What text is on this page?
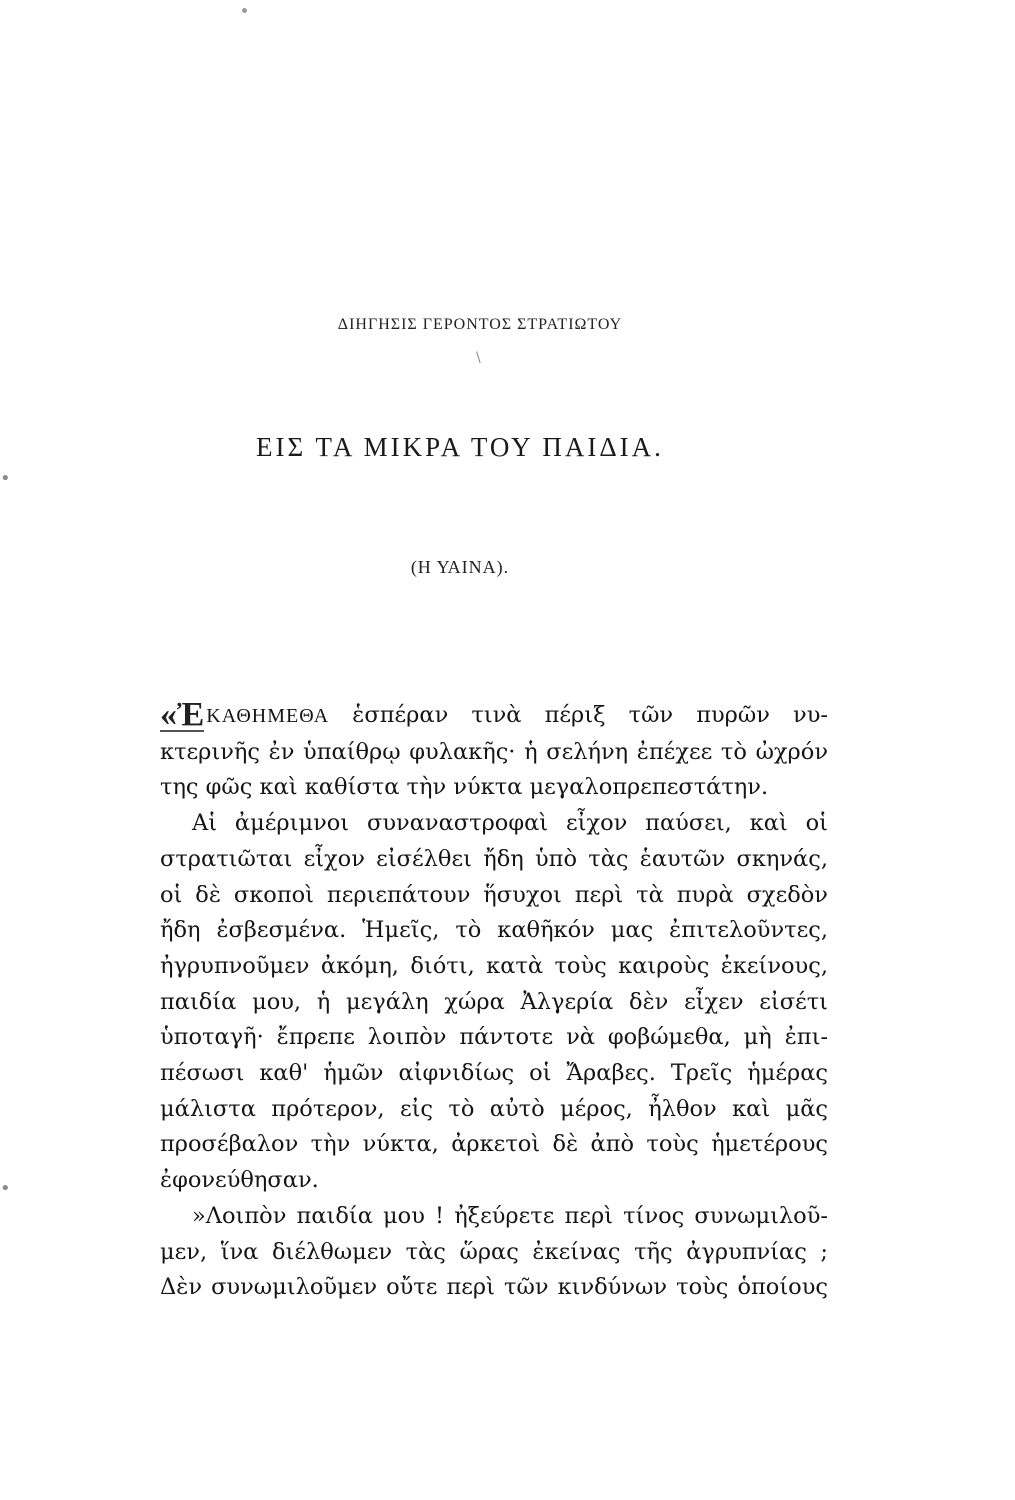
•
•
ΔΙΗΓΗΣΙΣ ΓΕΡΟΝΤΟΣ ΣΤΡΑΤΙΩΤΟΥ
\
ΕΙΣ ΤΑ ΜΙΚΡΑ ΤΟΥ ΠΑΙΔΙΑ.
(Η ΥΑΙΝΑ).
«Ἐ ΚΑΘΗΜΕΘΑ ἑσπέραν τινὰ πέριξ τῶν πυρῶν νυ-
κτερινῆς ἐν ὑπαίθρῳ φυλακῆς· ἡ σελήνη ἐπέχεε τὸ ὠχρόν
της φῶς καὶ καθίστα τὴν νύκτα μεγαλοπρεπεστάτην.
Αἱ ἀμέριμνοι συναναστροφαὶ εἶχον παύσει, καὶ οἱ
στρατιῶται εἶχον εἰσέλθει ἤδη ὑπὸ τὰς ἑαυτῶν σκηνάς,
οἱ δὲ σκοποὶ περιεπάτουν ἥσυχοι περὶ τὰ πυρὰ σχεδὸν
ἤδη ἐσβεσμένα. Ἡμεῖς, τὸ καθῆκόν μας ἐπιτελοῦντες,
ἠγρυπνοῦμεν ἀκόμη, διότι, κατὰ τοὺς καιροὺς ἐκείνους,
παιδία μου, ἡ μεγάλη χώρα Ἀλγερία δὲν εἶχεν εἰσέτι
ὑποταγῆ· ἔπρεπε λοιπὸν πάντοτε νὰ φοβώμεθα, μὴ ἐπι-
πέσωσι καθ' ἡμῶν αἰφνιδίως οἱ Ἄραβες. Τρεῖς ἡμέρας
μάλιστα πρότερον, εἰς τὸ αὐτὸ μέρος, ἦλθον καὶ μᾶς
προσέβαλον τὴν νύκτα, ἀρκετοὶ δὲ ἀπὸ τοὺς ἡμετέρους
ἐφονεύθησαν.
»Λοιπὸν παιδία μου ! ἠξεύρετε περὶ τίνος συνωμιλοῦ-
μεν, ἵνα διέλθωμεν τὰς ὥρας ἐκείνας τῆς ἀγρυπνίας ;
Δὲν συνωμιλοῦμεν οὔτε περὶ τῶν κινδύνων τοὺς ὁποίους
